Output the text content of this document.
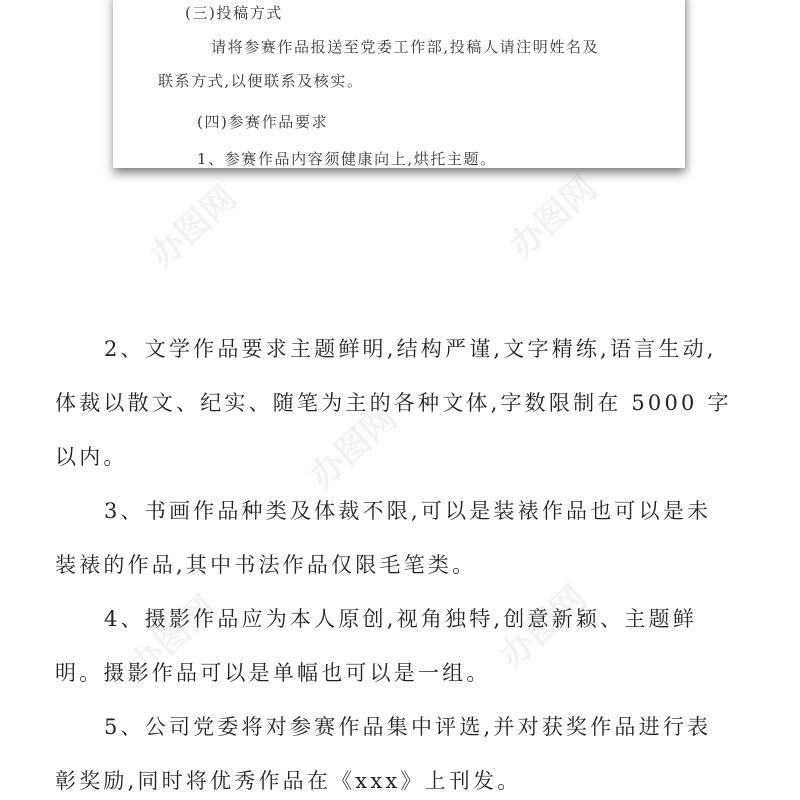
办图网	办图网
办图网
办图网	办图网
(三)投稿方式
请将参赛作品报送至党委工作部,投稿人请注明姓名及
联系方式,以便联系及核实。
(四)参赛作品要求
1、参赛作品内容须健康向上,烘托主题。
2、文学作品要求主题鲜明,结构严谨,文字精练,语言生动,
体裁以散文、纪实、随笔为主的各种文体,字数限制在 5000 字
以内。
3、书画作品种类及体裁不限,可以是装裱作品也可以是未
装裱的作品,其中书法作品仅限毛笔类。
4、摄影作品应为本人原创,视角独特,创意新颖、主题鲜
明。摄影作品可以是单幅也可以是一组。
5、公司党委将对参赛作品集中评选,并对获奖作品进行表
彰奖励,同时将优秀作品在《xxx》上刊发。
